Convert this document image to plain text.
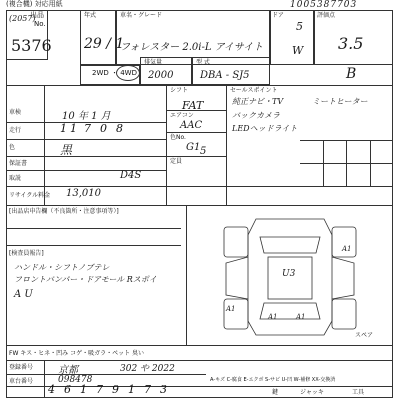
(複合機) 対応用紙	1005387703
出品
No.
(2057)
5376
年式
29 / 1
車名・グレード
フォレスター 2.0i-L アイサイト
ドア
5
W
評価点
3.5
2WD ・ 4WD
排気量
2000
型 式
DBA - SJ5	B
車検	10 年 1 月
走行	1 1 7 0 8
色	黒
保証書
取説	D4S
リサイクル料金 13,010
シフト
FAT
エアコン
AAC
色No.
G1
定員
5
セールスポイント
純正ナビ・TV
バックカメラ
LEDヘッドライト
ミートヒーター
[出品店申告欄（不良箇所・注意事項等）]
[検査員報告]
ハンドル・シフトノブテレ
フロントバンパー・ドアモール Rスポイ
A U
U3
A1	A1
A1
A1
スペア
FW キス・ヒネ・凹み コゲ・吸ガラ・ペット 臭い
登録番号 京都	302 や 2022
車台番号	098478	A-キズ C-腐食 E-エクボ S-サビ U-凹 W-補修 XX-交換済
4 6 1 7 9 1 7 3	鍵	ジャッキ	工具
